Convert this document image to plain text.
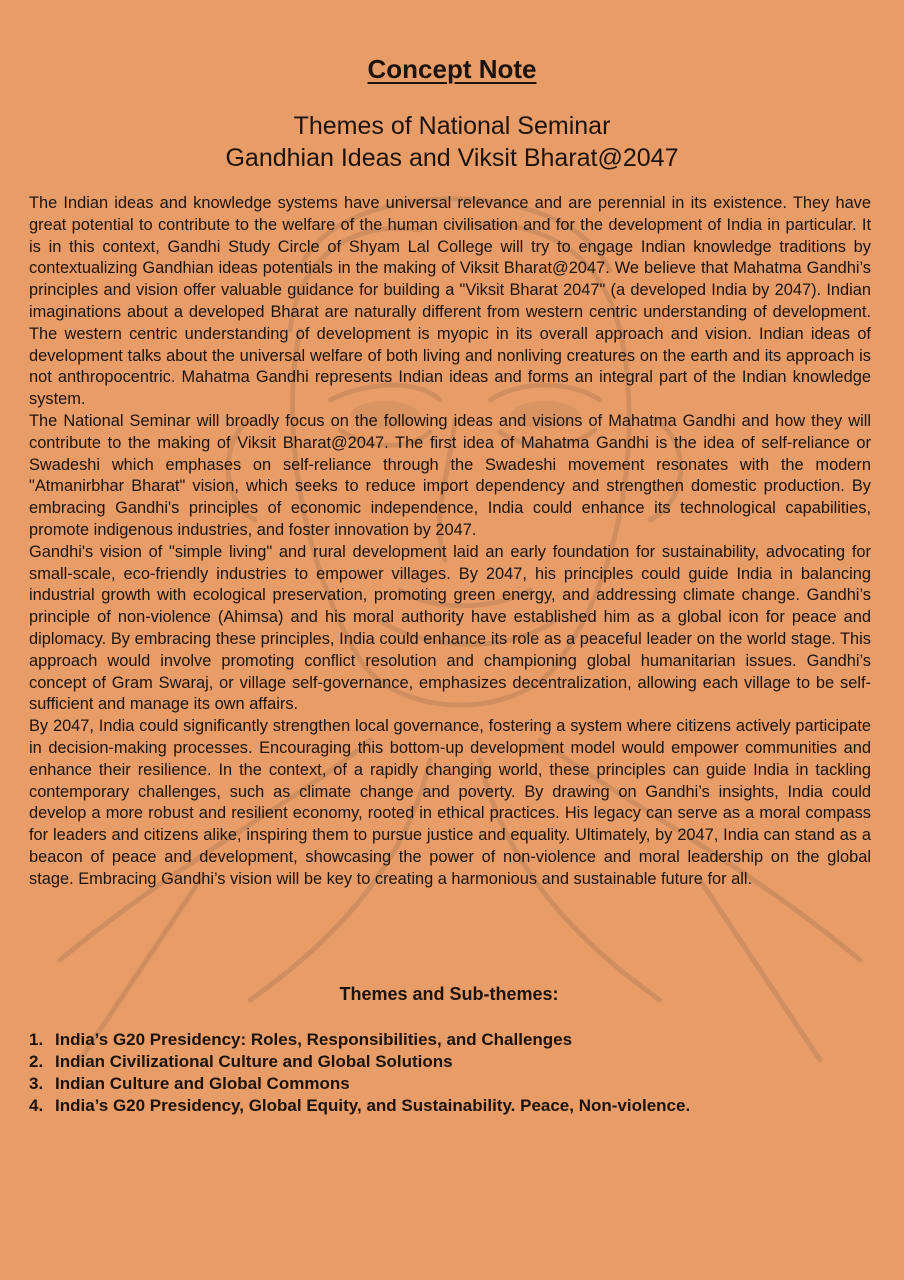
Concept Note
Themes of National Seminar
Gandhian Ideas and Viksit Bharat@2047

The Indian ideas and knowledge systems have universal relevance and are perennial in its existence. They have great potential to contribute to the welfare of the human civilisation and for the development of India in particular. It is in this context, Gandhi Study Circle of Shyam Lal College will try to engage Indian knowledge traditions by contextualizing Gandhian ideas potentials in the making of Viksit Bharat@2047. We believe that Mahatma Gandhi’s principles and vision offer valuable guidance for building a "Viksit Bharat 2047" (a developed India by 2047). Indian imaginations about a developed Bharat are naturally different from western centric understanding of development. The western centric understanding of development is myopic in its overall approach and vision. Indian ideas of development talks about the universal welfare of both living and nonliving creatures on the earth and its approach is not anthropocentric. Mahatma Gandhi represents Indian ideas and forms an integral part of the Indian knowledge system.

The National Seminar will broadly focus on the following ideas and visions of Mahatma Gandhi and how they will contribute to the making of Viksit Bharat@2047. The first idea of Mahatma Gandhi is the idea of self-reliance or Swadeshi which emphases on self-reliance through the Swadeshi movement resonates with the modern "Atmanirbhar Bharat" vision, which seeks to reduce import dependency and strengthen domestic production. By embracing Gandhi's principles of economic independence, India could enhance its technological capabilities, promote indigenous industries, and foster innovation by 2047.

Gandhi's vision of "simple living" and rural development laid an early foundation for sustainability, advocating for small-scale, eco-friendly industries to empower villages. By 2047, his principles could guide India in balancing industrial growth with ecological preservation, promoting green energy, and addressing climate change. Gandhi’s principle of non-violence (Ahimsa) and his moral authority have established him as a global icon for peace and diplomacy. By embracing these principles, India could enhance its role as a peaceful leader on the world stage. This approach would involve promoting conflict resolution and championing global humanitarian issues. Gandhi’s concept of Gram Swaraj, or village self-governance, emphasizes decentralization, allowing each village to be self-sufficient and manage its own affairs.

By 2047, India could significantly strengthen local governance, fostering a system where citizens actively participate in decision-making processes. Encouraging this bottom-up development model would empower communities and enhance their resilience. In the context, of a rapidly changing world, these principles can guide India in tackling contemporary challenges, such as climate change and poverty. By drawing on Gandhi’s insights, India could develop a more robust and resilient economy, rooted in ethical practices. His legacy can serve as a moral compass for leaders and citizens alike, inspiring them to pursue justice and equality. Ultimately, by 2047, India can stand as a beacon of peace and development, showcasing the power of non-violence and moral leadership on the global stage. Embracing Gandhi’s vision will be key to creating a harmonious and sustainable future for all.

Themes and Sub-themes:
1. India’s G20 Presidency: Roles, Responsibilities, and Challenges
2. Indian Civilizational Culture and Global Solutions
3. Indian Culture and Global Commons
4. India’s G20 Presidency, Global Equity, and Sustainability. Peace, Non-violence.
